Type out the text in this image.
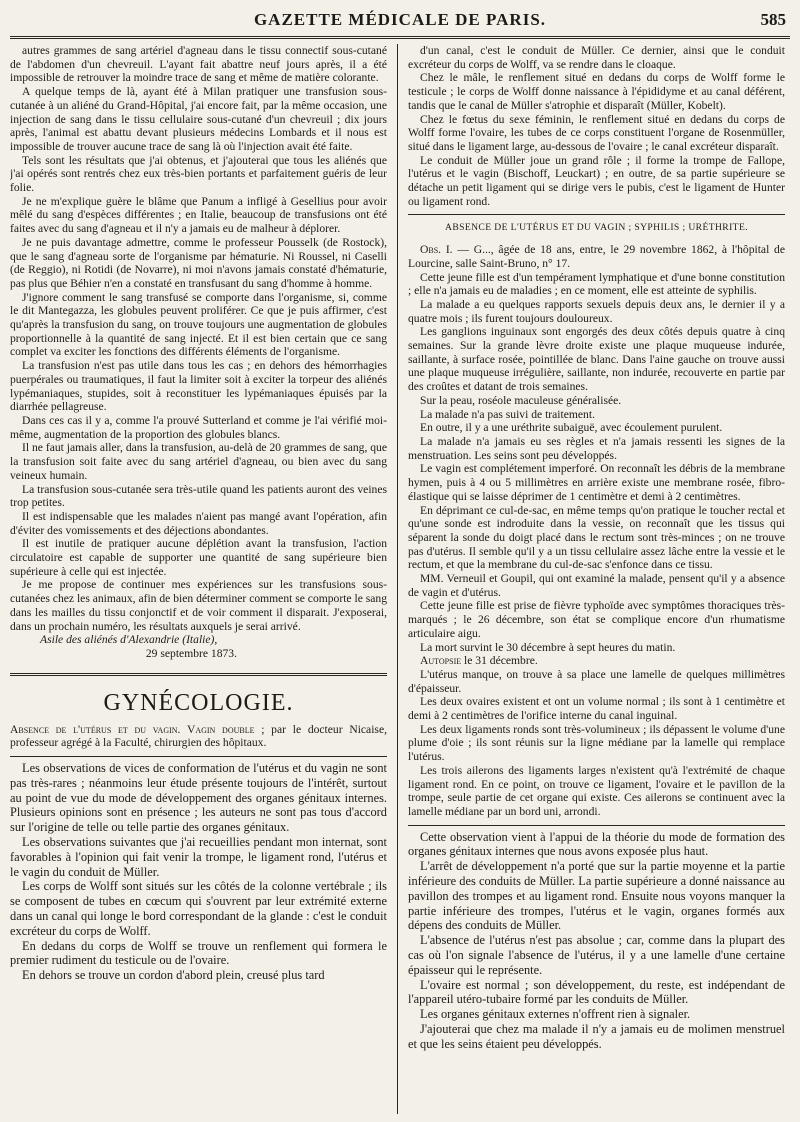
GAZETTE MÉDICALE DE PARIS.	585

autres grammes de sang artériel d'agneau dans le tissu connectif sous-cutané de l'abdomen d'un chevreuil. L'ayant fait abattre neuf jours après, il a été impossible de retrouver la moindre trace de sang et même de matière colorante.

A quelque temps de là, ayant été à Milan pratiquer une transfusion sous-cutanée à un aliéné du Grand-Hôpital, j'ai encore fait, par la même occasion, une injection de sang dans le tissu cellulaire sous-cutané d'un chevreuil ; dix jours après, l'animal est abattu devant plusieurs médecins Lombards et il nous est impossible de trouver aucune trace de sang là où l'injection avait été faite.

Tels sont les résultats que j'ai obtenus, et j'ajouterai que tous les aliénés que j'ai opérés sont rentrés chez eux très-bien portants et parfaitement guéris de leur folie.

Je ne m'explique guère le blâme que Panum a infligé à Gesellius pour avoir mêlé du sang d'espèces différentes ; en Italie, beaucoup de transfusions ont été faites avec du sang d'agneau et il n'y a jamais eu de malheur à déplorer.

Je ne puis davantage admettre, comme le professeur Pousselk (de Rostock), que le sang d'agneau sorte de l'organisme par hématurie. Ni Roussel, ni Caselli (de Reggio), ni Rotidi (de Novarre), ni moi n'avons jamais constaté d'hématurie, pas plus que Béhier n'en a constaté en transfusant du sang d'homme à homme.

J'ignore comment le sang transfusé se comporte dans l'organisme, si, comme le dit Mantegazza, les globules peuvent proliférer. Ce que je puis affirmer, c'est qu'après la transfusion du sang, on trouve toujours une augmentation de globules proportionnelle à la quantité de sang injecté. Et il est bien certain que ce sang complet va exciter les fonctions des différents éléments de l'organisme.

La transfusion n'est pas utile dans tous les cas ; en dehors des hémorrhagies puerpérales ou traumatiques, il faut la limiter soit à exciter la torpeur des aliénés lypémaniaques, stupides, soit à reconstituer les lypémaniaques épuisés par la diarrhée pellagreuse.

Dans ces cas il y a, comme l'a prouvé Sutterland et comme je l'ai vérifié moi-même, augmentation de la proportion des globules blancs.

Il ne faut jamais aller, dans la transfusion, au-delà de 20 grammes de sang, que la transfusion soit faite avec du sang artériel d'agneau, ou bien avec du sang veineux humain.

La transfusion sous-cutanée sera très-utile quand les patients auront des veines trop petites.

Il est indispensable que les malades n'aient pas mangé avant l'opération, afin d'éviter des vomissements et des déjections abondantes.

Il est inutile de pratiquer aucune déplétion avant la transfusion, l'action circulatoire est capable de supporter une quantité de sang supérieure bien supérieure à celle qui est injectée.

Je me propose de continuer mes expériences sur les transfusions sous-cutanées chez les animaux, afin de bien déterminer comment se comporte le sang dans les mailles du tissu conjonctif et de voir comment il disparait. J'exposerai, dans un prochain numéro, les résultats auxquels je serai arrivé.

Asile des aliénés d'Alexandrie (Italie),

29 septembre 1873.

GYNÉCOLOGIE.

Absence de l'utérus et du vagin. Vagin double ; par le docteur Nicaise, professeur agrégé à la Faculté, chirurgien des hôpitaux.

Les observations de vices de conformation de l'utérus et du vagin ne sont pas très-rares ; néanmoins leur étude présente toujours de l'intérêt, surtout au point de vue du mode de développement des organes génitaux internes. Plusieurs opinions sont en présence ; les auteurs ne sont pas tous d'accord sur l'origine de telle ou telle partie des organes génitaux.

Les observations suivantes que j'ai recueillies pendant mon internat, sont favorables à l'opinion qui fait venir la trompe, le ligament rond, l'utérus et le vagin du conduit de Müller.

Les corps de Wolff sont situés sur les côtés de la colonne vertébrale ; ils se composent de tubes en cœcum qui s'ouvrent par leur extrémité externe dans un canal qui longe le bord correspondant de la glande : c'est le conduit excréteur du corps de Wolff.

En dedans du corps de Wolff se trouve un renflement qui formera le premier rudiment du testicule ou de l'ovaire.

En dehors se trouve un cordon d'abord plein, creusé plus tard

d'un canal, c'est le conduit de Müller. Ce dernier, ainsi que le conduit excréteur du corps de Wolff, va se rendre dans le cloaque.

Chez le mâle, le renflement situé en dedans du corps de Wolff forme le testicule ; le corps de Wolff donne naissance à l'épididyme et au canal déférent, tandis que le canal de Müller s'atrophie et disparaît (Müller, Kobelt).

Chez le fœtus du sexe féminin, le renflement situé en dedans du corps de Wolff forme l'ovaire, les tubes de ce corps constituent l'organe de Rosenmüller, situé dans le ligament large, au-dessous de l'ovaire ; le canal excréteur disparaît.

Le conduit de Müller joue un grand rôle ; il forme la trompe de Fallope, l'utérus et le vagin (Bischoff, Leuckart) ; en outre, de sa partie supérieure se détache un petit ligament qui se dirige vers le pubis, c'est le ligament de Hunter ou ligament rond.

ABSENCE DE L'UTÉRUS ET DU VAGIN ; SYPHILIS ; URÉTHRITE.

Obs. I. — G..., âgée de 18 ans, entre, le 29 novembre 1862, à l'hôpital de Lourcine, salle Saint-Bruno, n° 17.

Cette jeune fille est d'un tempérament lymphatique et d'une bonne constitution ; elle n'a jamais eu de maladies ; en ce moment, elle est atteinte de syphilis.

La malade a eu quelques rapports sexuels depuis deux ans, le dernier il y a quatre mois ; ils furent toujours douloureux.

Les ganglions inguinaux sont engorgés des deux côtés depuis quatre à cinq semaines. Sur la grande lèvre droite existe une plaque muqueuse indurée, saillante, à surface rosée, pointillée de blanc. Dans l'aine gauche on trouve aussi une plaque muqueuse irrégulière, saillante, non indurée, recouverte en partie par des croûtes et datant de trois semaines.

Sur la peau, roséole maculeuse généralisée.

La malade n'a pas suivi de traitement.

En outre, il y a une uréthrite subaiguë, avec écoulement purulent.

La malade n'a jamais eu ses règles et n'a jamais ressenti les signes de la menstruation. Les seins sont peu développés.

Le vagin est complétement imperforé. On reconnaît les débris de la membrane hymen, puis à 4 ou 5 millimètres en arrière existe une membrane rosée, fibro-élastique qui se laisse déprimer de 1 centimètre et demi à 2 centimètres.

En déprimant ce cul-de-sac, en même temps qu'on pratique le toucher rectal et qu'une sonde est indroduite dans la vessie, on reconnaît que les tissus qui séparent la sonde du doigt placé dans le rectum sont très-minces ; on ne trouve pas d'utérus. Il semble qu'il y a un tissu cellulaire assez lâche entre la vessie et le rectum, et que la membrane du cul-de-sac s'enfonce dans ce tissu.

MM. Verneuil et Goupil, qui ont examiné la malade, pensent qu'il y a absence de vagin et d'utérus.

Cette jeune fille est prise de fièvre typhoïde avec symptômes thoraciques très-marqués ; le 26 décembre, son état se complique encore d'un rhumatisme articulaire aigu.

La mort survint le 30 décembre à sept heures du matin.

Autopsie le 31 décembre.

L'utérus manque, on trouve à sa place une lamelle de quelques millimètres d'épaisseur.

Les deux ovaires existent et ont un volume normal ; ils sont à 1 centimètre et demi à 2 centimètres de l'orifice interne du canal inguinal.

Les deux ligaments ronds sont très-volumineux ; ils dépassent le volume d'une plume d'oie ; ils sont réunis sur la ligne médiane par la lamelle qui remplace l'utérus.

Les trois ailerons des ligaments larges n'existent qu'à l'extrémité de chaque ligament rond. En ce point, on trouve ce ligament, l'ovaire et le pavillon de la trompe, seule partie de cet organe qui existe. Ces ailerons se continuent avec la lamelle médiane par un bord uni, arrondi.

Cette observation vient à l'appui de la théorie du mode de formation des organes génitaux internes que nous avons exposée plus haut.

L'arrêt de développement n'a porté que sur la partie moyenne et la partie inférieure des conduits de Müller. La partie supérieure a donné naissance au pavillon des trompes et au ligament rond. Ensuite nous voyons manquer la partie inférieure des trompes, l'utérus et le vagin, organes formés aux dépens des conduits de Müller.

L'absence de l'utérus n'est pas absolue ; car, comme dans la plupart des cas où l'on signale l'absence de l'utérus, il y a une lamelle d'une certaine épaisseur qui le représente.

L'ovaire est normal ; son développement, du reste, est indépendant de l'appareil utéro-tubaire formé par les conduits de Müller.

Les organes génitaux externes n'offrent rien à signaler.

J'ajouterai que chez ma malade il n'y a jamais eu de molimen menstruel et que les seins étaient peu développés.
